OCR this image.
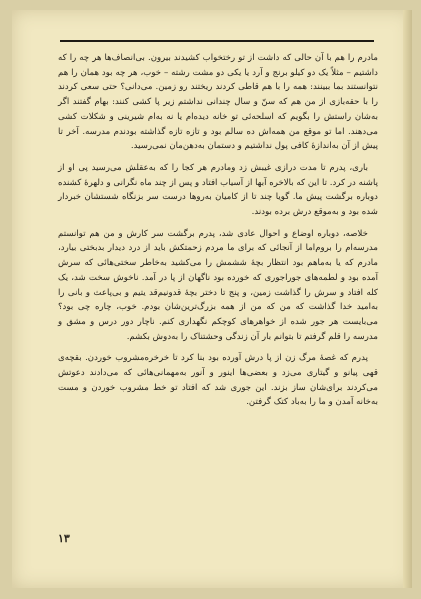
مادرم را هم با آن حالی که داشت از تو رختخواب کشیدند بیرون. بی‌انصاف‌ها هر چه را که داشتیم – مثلاً یک دو کیلو برنج و آرد یا یکی دو مشت رشته – خوب، هر چه بود همان را هم نتوانستند بما ببینند: همه را با هم قاطی کردند ریختند رو زمین. می‌دانی؟ حتی سعی کردند را با حقه‌بازی از من هم که سنّ و سال چندانی نداشتم زیر پا کشی کنند: بهام گفتند اگر به‌شان راستش را بگویم که اسلحه‌ئی تو خانه دیده‌ام یا نه به‌ام شیرینی و شکلات کشی می‌دهند. اما تو موقع من همه‌اش ده سالم بود و تازه تازه گذاشته بودندم مدرسه. آخر تا پیش از آن به‌اندازهٔ کافی پول نداشتیم و دستمان به‌دهن‌مان نمی‌رسید.

باری، پدرم تا مدت درازی غیبش زد و‌مادرم هر کجا را که به‌عقلش می‌رسید پی او از پاشنه در کرد. تا این که بالاخره آبها از آسیاب افتاد و پس از چند ماه نگرانی و دلهرهٔ کشنده دوباره برگشت پیش ما. گویا چند تا از کامیان به‌روها درست سر بزنگاه شستشان خبردار شده بود و به‌موقع درش برده بودند.

خلاصه، دوباره اوضاع و احوال عادی شد، پدرم برگشت سر کارش و من هم توانستم مدرسه‌ام را بروم‌اما از آنجائی که برای ما مردم زحمتکش باید از درد دیدار بدبختی بیارد، مادرم که یا به‌ماهم بود‌ ‌انتظار بچهٔ ششمش را می‌کشید به‌خاطر سختی‌هائی که سرش آمده بود و لطمه‌های جوراجوری که خورده بود ناگهان از پا در آمد. ناخوش سخت شد، یک کله افتاد و سرش را گذاشت زمین، و پنج تا دختر بچهٔ قدونیم‌قد یتیم و بی‌پاعث و بانی را به‌امید خدا گذاشت که من که من از همه بزرگ‌ترین‌شان بودم. خوب، چاره چی بود؟ می‌بایست هر جور شده از خواهرهای کوچکم نگهداری کنم. ناچار دور درس و مشق و مدرسه را قلم گرفتم تا بتوانم بار آن زندگی وحشتناک را به‌دوش بکشم.

پدرم که غصهٔ مرگ زن از پا درش آورده بود بنا کرد تا خرخره‌مشروب خوردن. بقچه‌ی قهی پیانو و گیتاری می‌زد و بعضی‌ها اینور و آنور به‌مهمانی‌هائی که می‌دادند دعوتش می‌کردند برای‌شان ساز بزند. این جوری شد که افتاد تو خط مشروب خوردن و مست به‌خانه آمدن و ما را به‌باد کتک گرفتن.

۱۳
